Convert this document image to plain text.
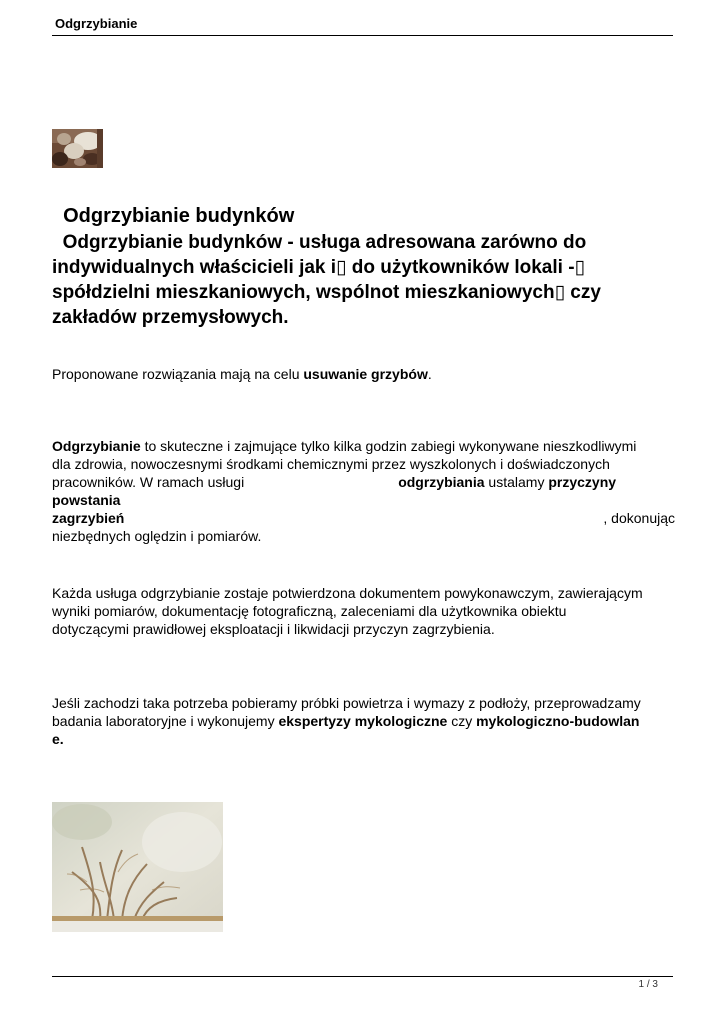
Odgrzybianie
Odgrzybianie budynków
Odgrzybianie budynków - usługa adresowana zarówno do
indywidualnych właścicieli jak i▯ do użytkowników lokali -▯
spółdzielni mieszkaniowych, wspólnot mieszkaniowych▯ czy
zakładów przemysłowych.
Proponowane rozwiązania mają na celu usuwanie grzybów.
Odgrzybianie to skuteczne i zajmujące tylko kilka godzin zabiegi wykonywane nieszkodliwymi
dla zdrowia, nowoczesnymi środkami chemicznymi przez wyszkolonych i doświadczonych
pracowników. W ramach usługi	odgrzybiania ustalamy przyczyny powstania
zagrzybień	, dokonując
niezbędnych oględzin i pomiarów.
Każda usługa odgrzybianie zostaje potwierdzona dokumentem powykonawczym, zawierającym
wyniki pomiarów, dokumentację fotograficzną, zaleceniami dla użytkownika obiektu
dotyczącymi prawidłowej eksploatacji i likwidacji przyczyn zagrzybienia.
Jeśli zachodzi taka potrzeba pobieramy próbki powietrza i wymazy z podłoży, przeprowadzamy
badania laboratoryjne i wykonujemy ekspertyzy mykologiczne czy mykologiczno-budowlan
e.
1 / 3
